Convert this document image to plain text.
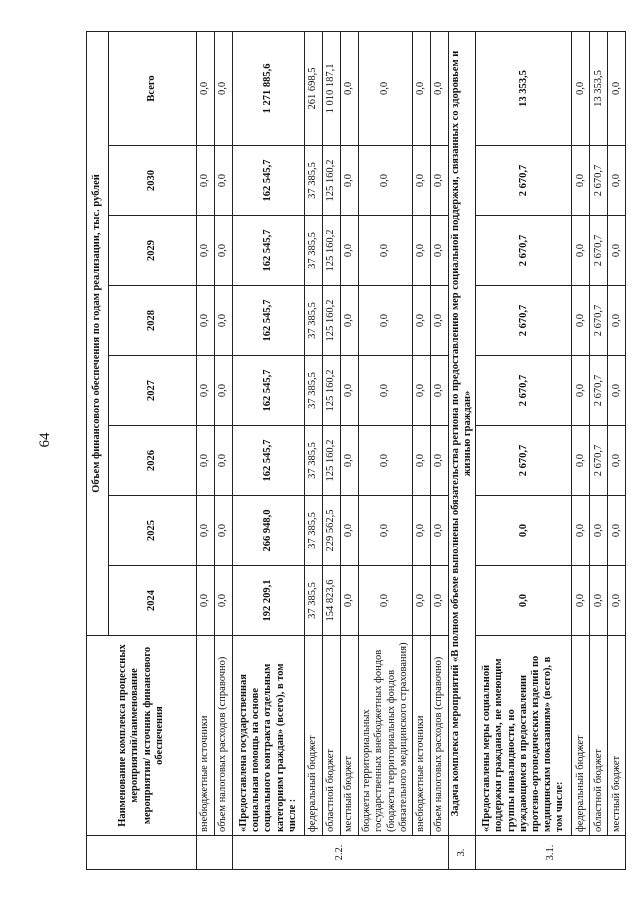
64
	Наименование комплекса процессных мероприятий/наименование мероприятия/ источник финансового обеспечения	Объем финансового обеспечения по годам реализации, тыс. рублей							
		2024	2025	2026	2027	2028	2029	2030	Всего
	внебюджетные источники	0,0	0,0	0,0	0,0	0,0	0,0	0,0	0,0
	объем налоговых расходов (справочно)	0,0	0,0	0,0	0,0	0,0	0,0	0,0	0,0
2.2.	«Предоставлена государственная социальная помощь на основе социального контракта отдельным категориям граждан» (всего), в том числе :	192 209,1	266 948,0	162 545,7	162 545,7	162 545,7	162 545,7	162 545,7	1 271 885,6
	федеральный бюджет	37 385,5	37 385,5	37 385,5	37 385,5	37 385,5	37 385,5	37 385,5	261 698,5
	областной бюджет	154 823,6	229 562,5	125 160,2	125 160,2	125 160,2	125 160,2	125 160,2	1 010 187,1
	местный бюджет	0,0	0,0	0,0	0,0	0,0	0,0	0,0	0,0
	бюджеты территориальных государственных внебюджетных фондов (бюджеты территориальных фондов обязательного медицинского страхования)	0,0	0,0	0,0	0,0	0,0	0,0	0,0	0,0
	внебюджетные источники	0,0	0,0	0,0	0,0	0,0	0,0	0,0	0,0
	объем налоговых расходов (справочно)	0,0	0,0	0,0	0,0	0,0	0,0	0,0	0,0
3.	Задача комплекса мероприятий «В полном объеме выполнены обязательства региона по предоставлению мер социальной поддержки, связанных со здоровьем и жизнью граждан»								
3.1.	«Предоставлены меры социальной поддержки гражданам, не имеющим группы инвалидности, но нуждающимся в предоставлении протезно-ортопедических изделий по медицинским показаниям» (всего), в том числе:	0,0	0,0	2 670,7	2 670,7	2 670,7	2 670,7	2 670,7	13 353,5
	федеральный бюджет	0,0	0,0	0,0	0,0	0,0	0,0	0,0	0,0
	областной бюджет	0,0	0,0	2 670,7	2 670,7	2 670,7	2 670,7	2 670,7	13 353,5
	местный бюджет	0,0	0,0	0,0	0,0	0,0	0,0	0,0	0,0
